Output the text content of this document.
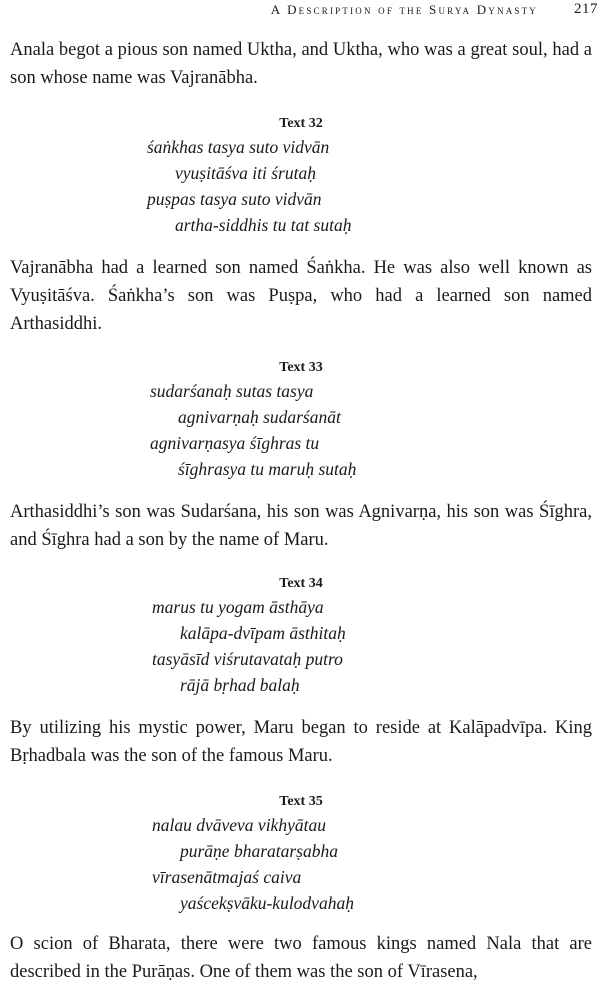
A Description of the Surya Dynasty 217

Anala begot a pious son named Uktha, and Uktha, who was a great soul, had a son whose name was Vajranābha.

Text 32

śaṅkhas tasya suto vidvān
vyuṣitāśva iti śrutaḥ
puṣpas tasya suto vidvān
artha-siddhis tu tat sutaḥ

Vajranābha had a learned son named Śaṅkha. He was also well known as Vyuṣitāśva. Śaṅkha’s son was Puṣpa, who had a learned son named Arthasiddhi.

Text 33

sudarśanaḥ sutas tasya
agnivarṇaḥ sudarśanāt
agnivarṇasya śīghras tu
śīghrasya tu maruḥ sutaḥ

Arthasiddhi’s son was Sudarśana, his son was Agnivarṇa, his son was Śīghra, and Śīghra had a son by the name of Maru.

Text 34

marus tu yogam āsthāya
kalāpa-dvīpam āsthitaḥ
tasyāsīd viśrutavataḥ putro
rājā bṛhad balaḥ

By utilizing his mystic power, Maru began to reside at Kalāpadvīpa. King Bṛhadbala was the son of the famous Maru.

Text 35

nalau dvāveva vikhyātau
purāṇe bharatarṣabha
vīrasenātmajaś caiva
yaścekṣvāku-kulodvahaḥ

O scion of Bharata, there were two famous kings named Nala that are described in the Purāṇas. One of them was the son of Vīrasena,
